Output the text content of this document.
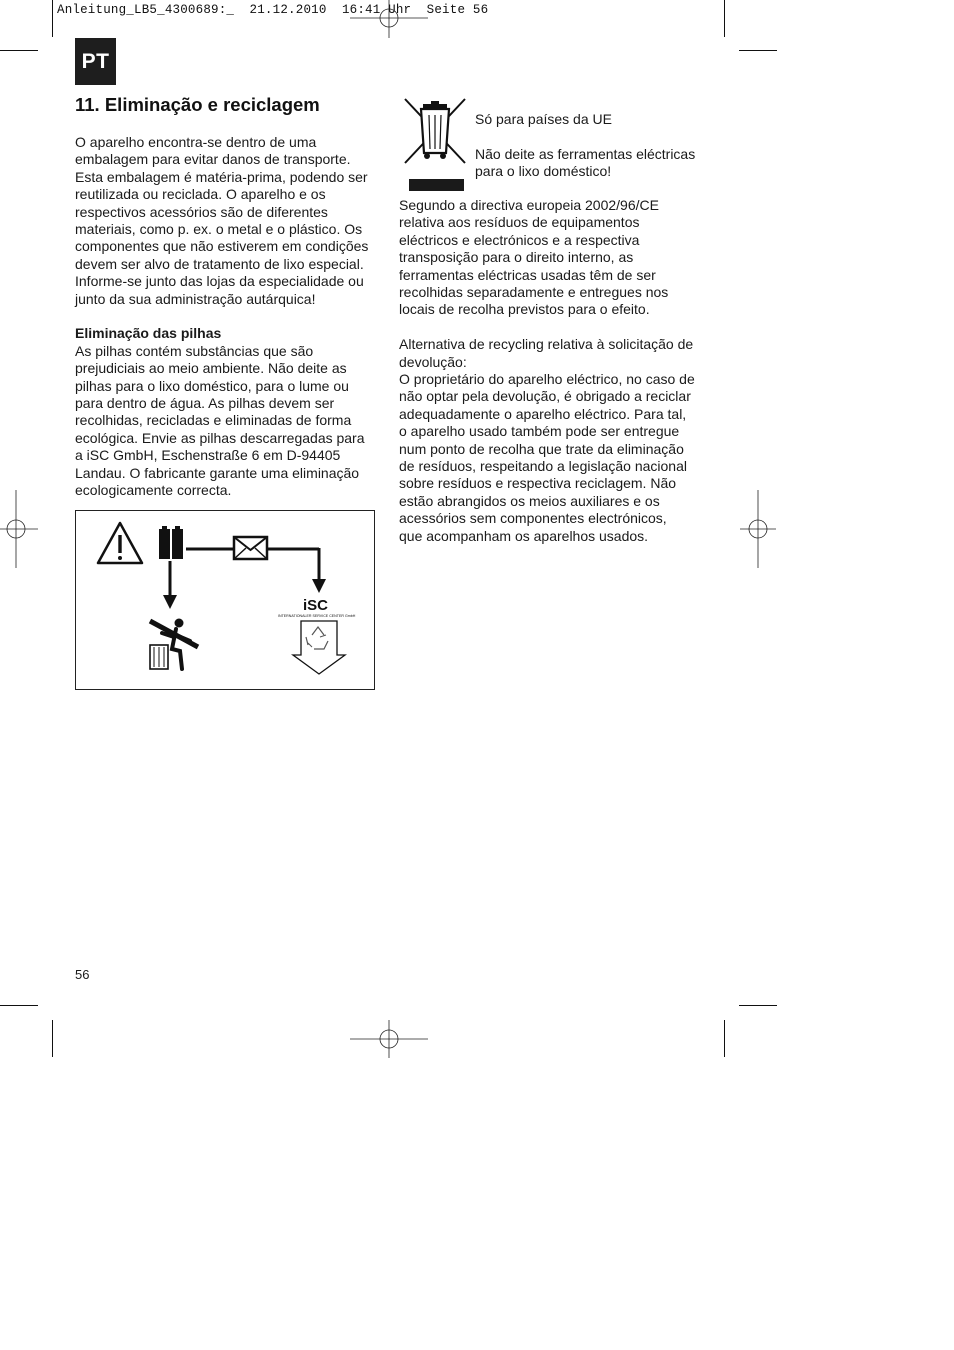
Anleitung_LB5_4300689:_  21.12.2010  16:41 Uhr  Seite 56
PT
11. Eliminação e reciclagem

O aparelho encontra-se dentro de uma

embalagem para evitar danos de transporte.

Esta embalagem é matéria-prima, podendo ser

reutilizada ou reciclada. O aparelho e os

respectivos acessórios são de diferentes

materiais, como p. ex. o metal e o plástico. Os

componentes que não estiverem em condições

devem ser alvo de tratamento de lixo especial.

Informe-se junto das lojas da especialidade ou

junto da sua administração autárquica!

Eliminação das pilhas

As pilhas contém substâncias que são

prejudiciais ao meio ambiente. Não deite as

pilhas para o lixo doméstico, para o lume ou

para dentro de água. As pilhas devem ser

recolhidas, recicladas e eliminadas de forma

ecológica. Envie as pilhas descarregadas para

a iSC GmbH, Eschenstraße 6 em D-94405

Landau. O fabricante garante uma eliminação

ecologicamente correcta.

iSC
INTERNATIONALER SERVICE CENTER GmbH

Só para países da UE

Não deite as ferramentas eléctricas

para o lixo doméstico!

Segundo a directiva europeia 2002/96/CE

relativa aos resíduos de equipamentos

eléctricos e electrónicos e a respectiva

transposição para o direito interno, as

ferramentas eléctricas usadas têm de ser

recolhidas separadamente e entregues nos

locais de recolha previstos para o efeito.

Alternativa de recycling relativa à solicitação de

devolução:

O proprietário do aparelho eléctrico, no caso de

não optar pela devolução, é obrigado a reciclar

adequadamente o aparelho eléctrico. Para tal,

o aparelho usado também pode ser entregue

num ponto de recolha que trate da eliminação

de resíduos, respeitando a legislação nacional

sobre resíduos e respectiva reciclagem. Não

estão abrangidos os meios auxiliares e os

acessórios sem componentes electrónicos,

que acompanham os aparelhos usados.

56
